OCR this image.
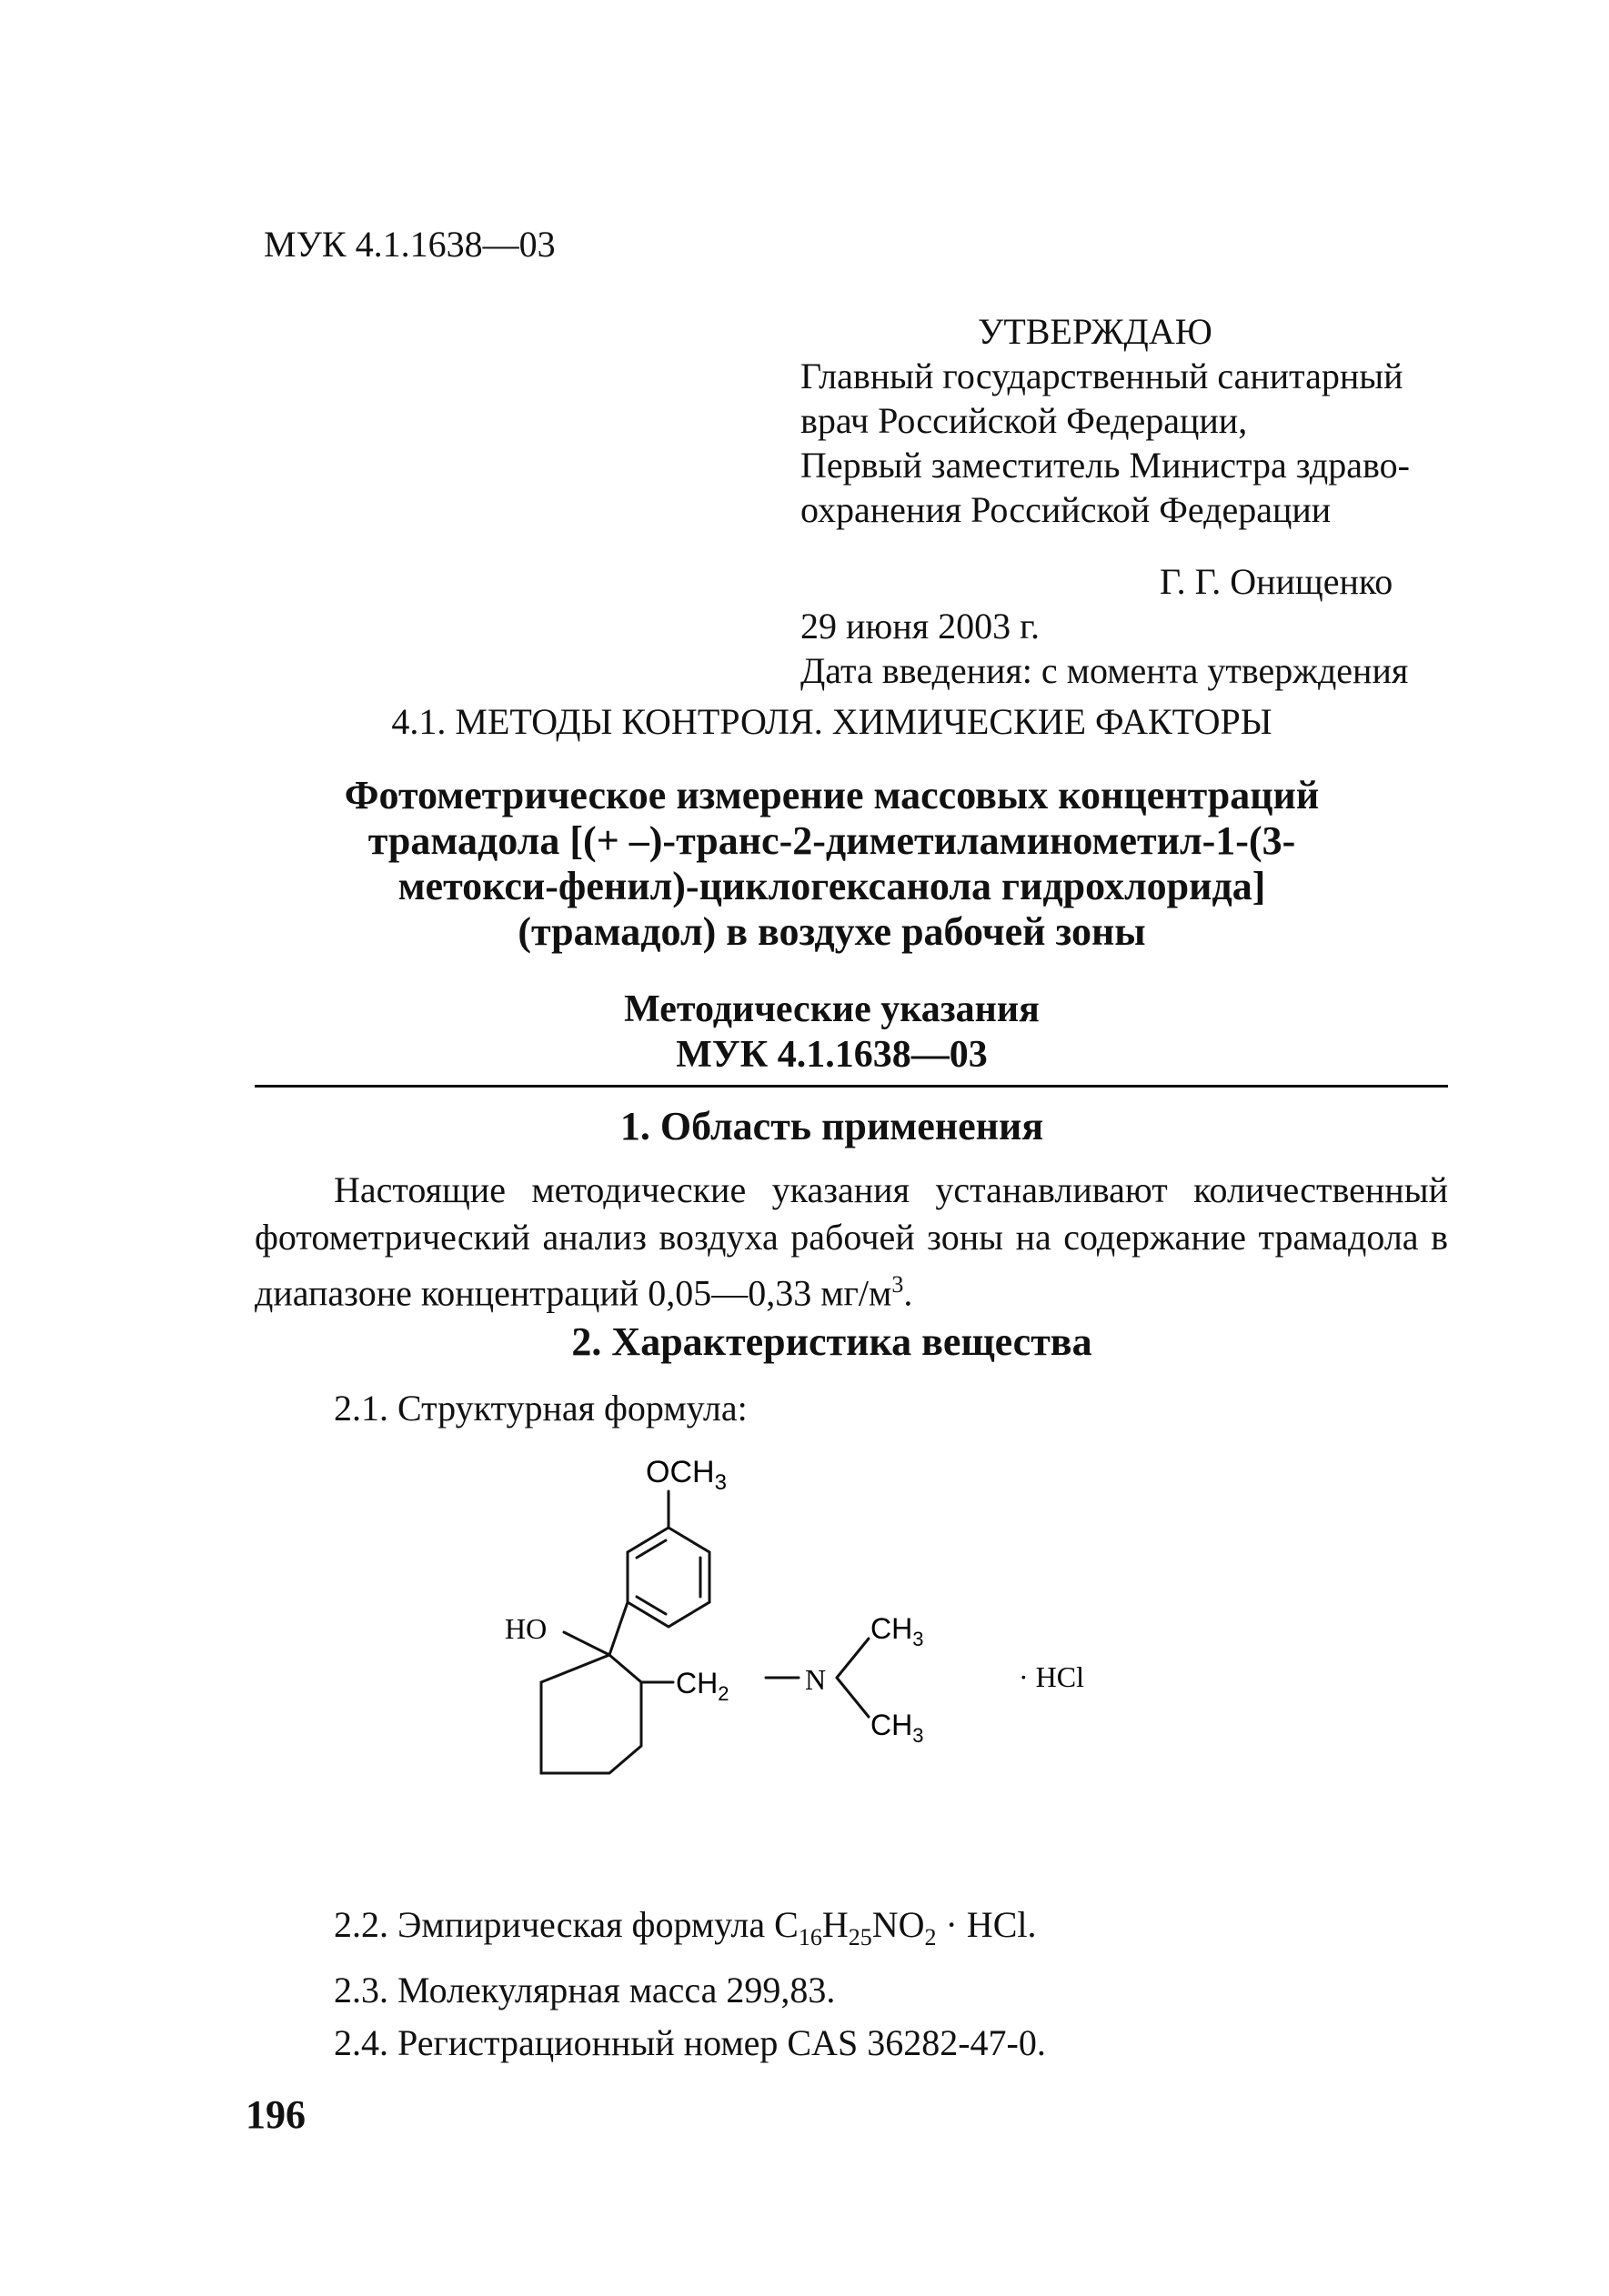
МУК 4.1.1638—03
УТВЕРЖДАЮ
Главный государственный санитарный
врач Российской Федерации,
Первый заместитель Министра здраво-
охранения Российской Федерации
Г. Г. Онищенко
29 июня 2003 г.
Дата введения: с момента утверждения
4.1. МЕТОДЫ КОНТРОЛЯ. ХИМИЧЕСКИЕ ФАКТОРЫ
Фотометрическое измерение массовых концентраций
трамадола [(+ –)-транс-2-диметиламинометил-1-(3-
метокси-фенил)-циклогексанола гидрохлорида]
(трамадол) в воздухе рабочей зоны
Методические указания
МУК 4.1.1638—03
1. Область применения
Настоящие методические указания устанавливают количественный фотометрический анализ воздуха рабочей зоны на содержание трамадола в диапазоне концентраций 0,05—0,33 $мг/м^3$.
2. Характеристика вещества
2.1. Структурная формула:
$OCH_3$
HO
$CH_2$	N
$CH_3$
$CH_3$
· HCl
2.2. Эмпирическая формула $C_{16}H_{25}NO_2$ · HCl.
2.3. Молекулярная масса 299,83.
2.4. Регистрационный номер CAS 36282-47-0.
196
